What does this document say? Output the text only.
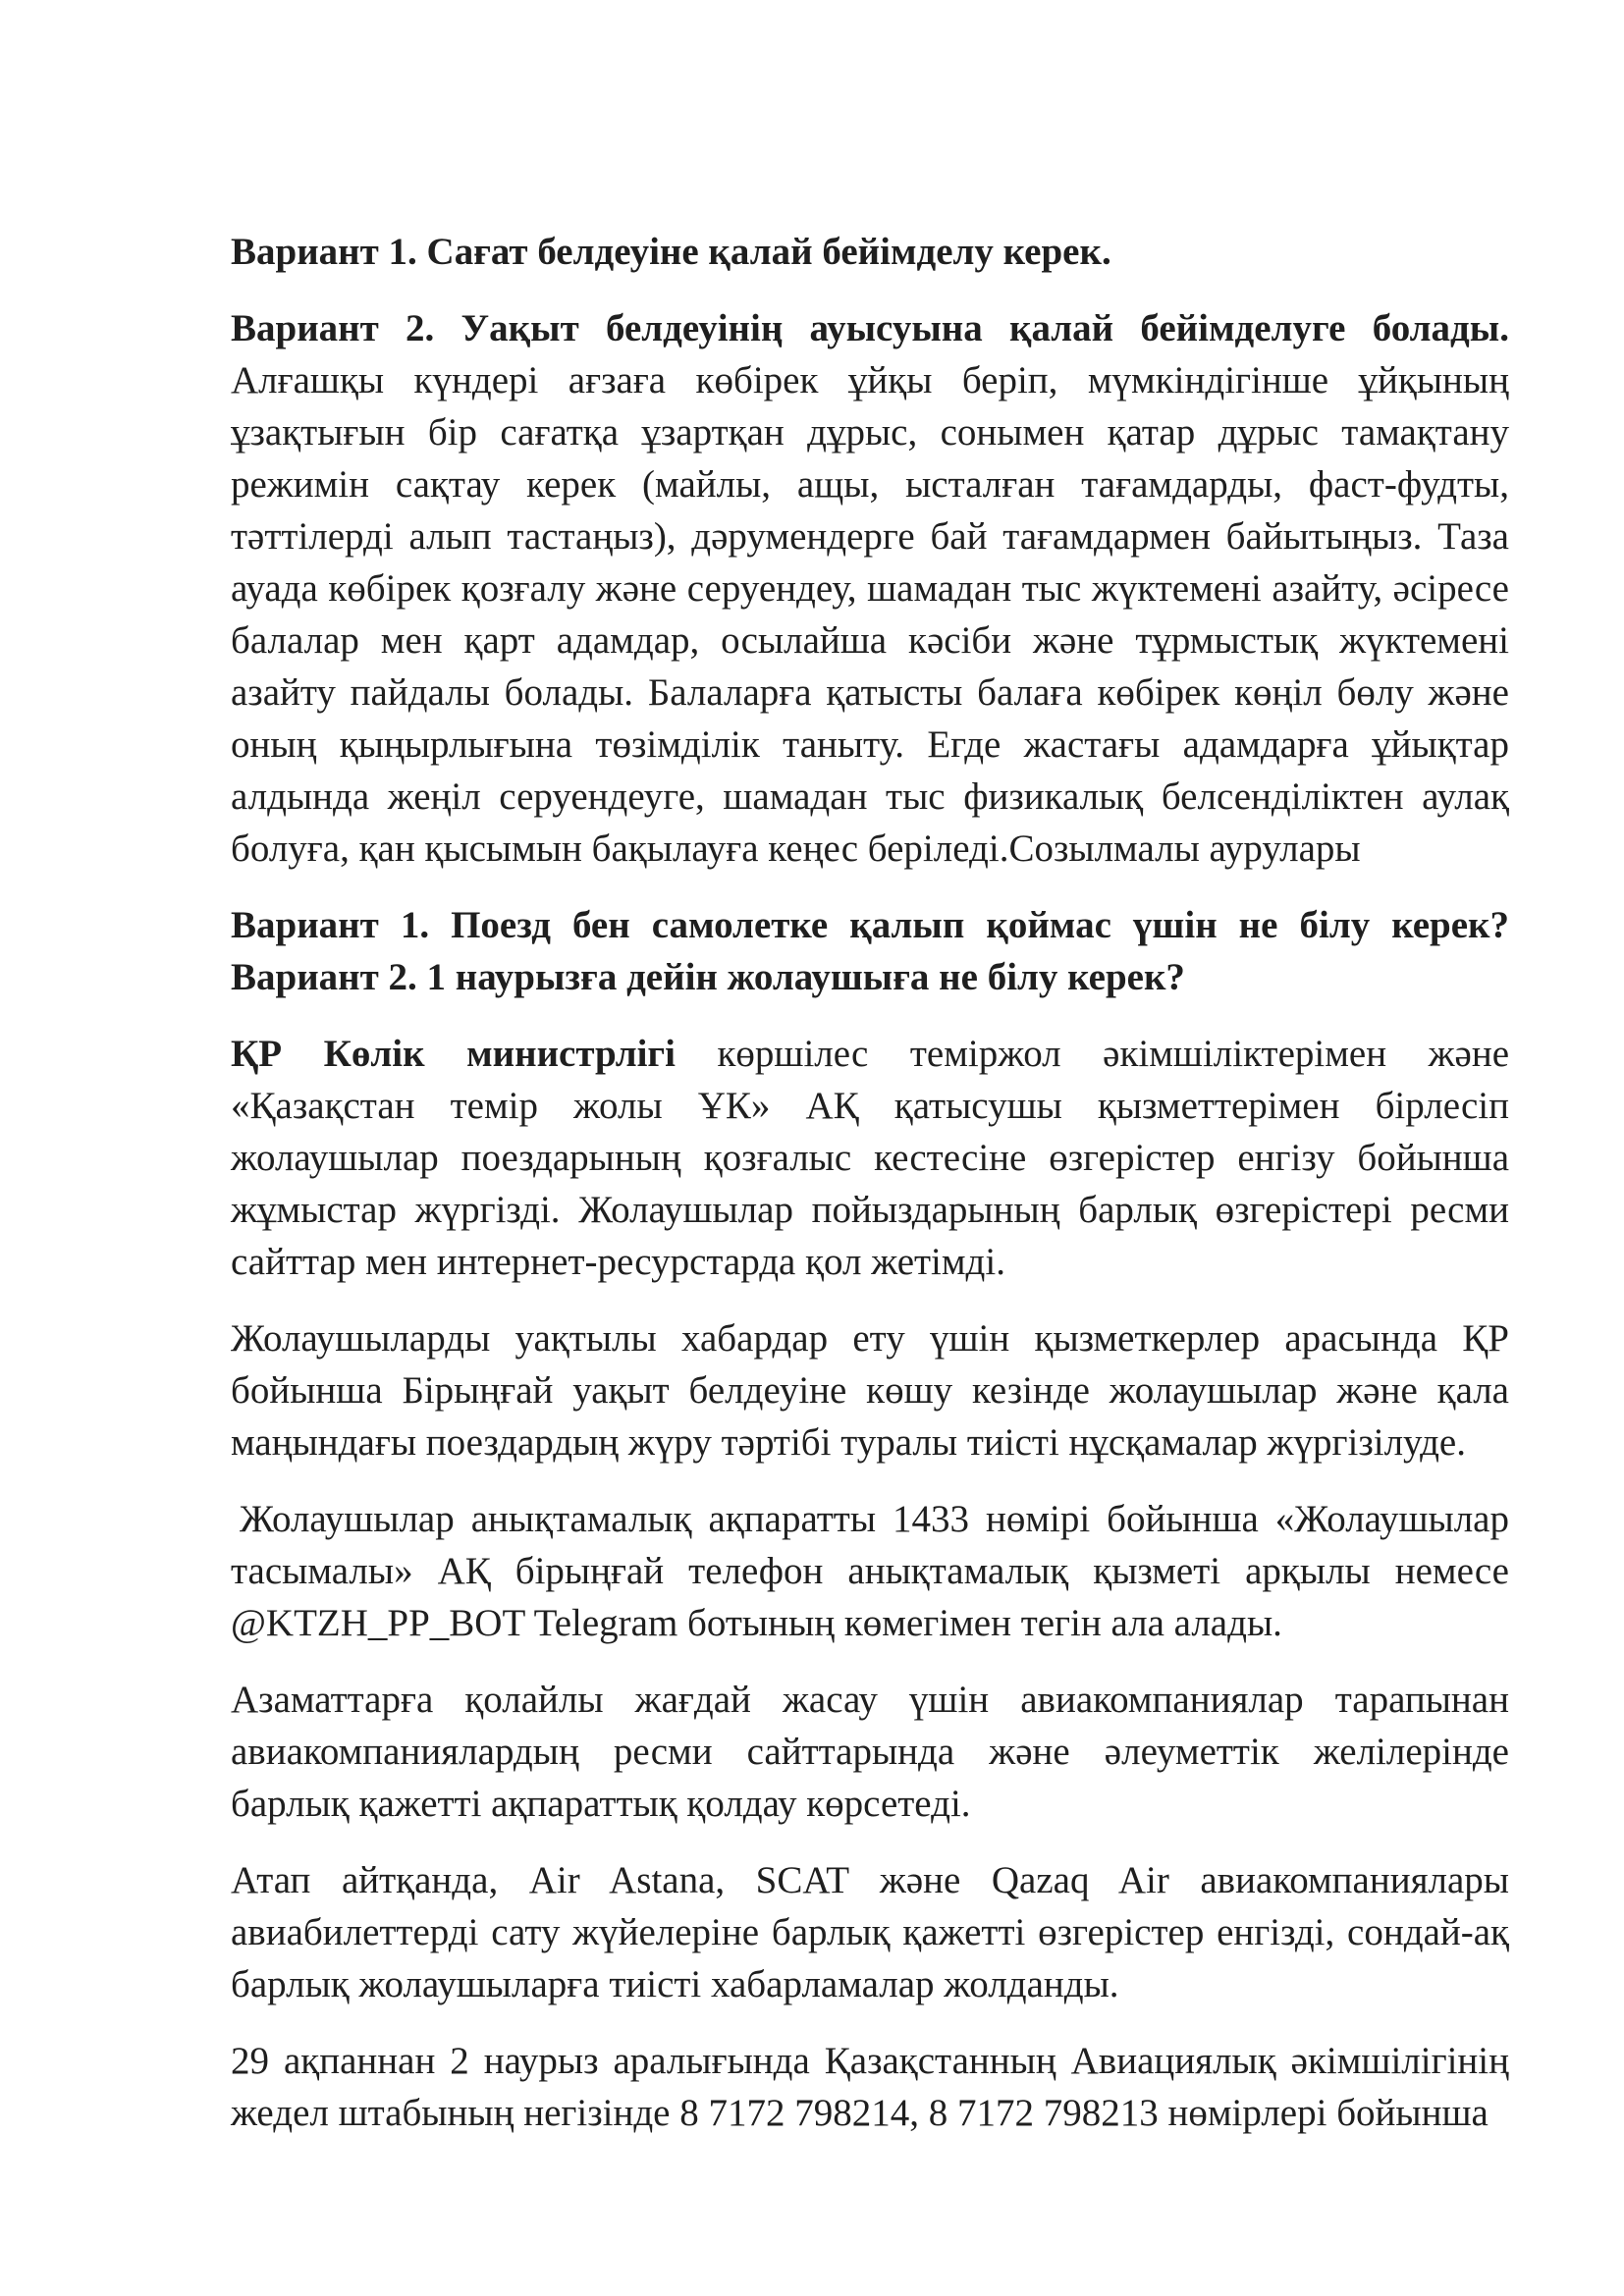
Вариант 1. Сағат белдеуіне қалай бейімделу керек.

Вариант 2. Уақыт белдеуінің ауысуына қалай бейімделуге болады. Алғашқы күндері ағзаға көбірек ұйқы беріп, мүмкіндігінше ұйқының ұзақтығын бір сағатқа ұзартқан дұрыс, сонымен қатар дұрыс тамақтану режимін сақтау керек (майлы, ащы, ысталған тағамдарды, фаст-фудты, тәттілерді алып тастаңыз), дәрумендерге бай тағамдармен байытыңыз. Таза ауада көбірек қозғалу және серуендеу, шамадан тыс жүктемені азайту, әсіресе балалар мен қарт адамдар, осылайша кәсіби және тұрмыстық жүктемені азайту пайдалы болады. Балаларға қатысты балаға көбірек көңіл бөлу және оның қыңырлығына төзімділік таныту. Егде жастағы адамдарға ұйықтар алдында жеңіл серуендеуге, шамадан тыс физикалық белсенділіктен аулақ болуға, қан қысымын бақылауға кеңес беріледі.Созылмалы аурулары

Вариант 1. Поезд бен самолетке қалып қоймас үшін не білу керек?
Вариант 2. 1 наурызға дейін жолаушыға не білу керек?

ҚР Көлік министрлігі көршілес теміржол әкімшіліктерімен және «Қазақстан темір жолы ҰК» АҚ қатысушы қызметтерімен бірлесіп жолаушылар поездарының қозғалыс кестесіне өзгерістер енгізу бойынша жұмыстар жүргізді. Жолаушылар пойыздарының барлық өзгерістері ресми сайттар мен интернет-ресурстарда қол жетімді.

Жолаушыларды уақтылы хабардар ету үшін қызметкерлер арасында ҚР бойынша Бірыңғай уақыт белдеуіне көшу кезінде жолаушылар және қала маңындағы поездардың жүру тәртібі туралы тиісті нұсқамалар жүргізілуде.

Жолаушылар анықтамалық ақпаратты 1433 нөмірі бойынша «Жолаушылар тасымалы» АҚ бірыңғай телефон анықтамалық қызметі арқылы немесе @KTZH_PP_BOT Telegram ботының көмегімен тегін ала алады.

Азаматтарға қолайлы жағдай жасау үшін авиакомпаниялар тарапынан авиакомпаниялардың ресми сайттарында және әлеуметтік желілерінде барлық қажетті ақпараттық қолдау көрсетеді.

Атап айтқанда, Air Astana, SCAT және Qazaq Air авиакомпаниялары авиабилеттерді сату жүйелеріне барлық қажетті өзгерістер енгізді, сондай-ақ барлық жолаушыларға тиісті хабарламалар жолданды.

29 ақпаннан 2 наурыз аралығында Қазақстанның Авиациялық әкімшілігінің жедел штабының негізінде 8 7172 798214, 8 7172 798213 нөмірлері бойынша
